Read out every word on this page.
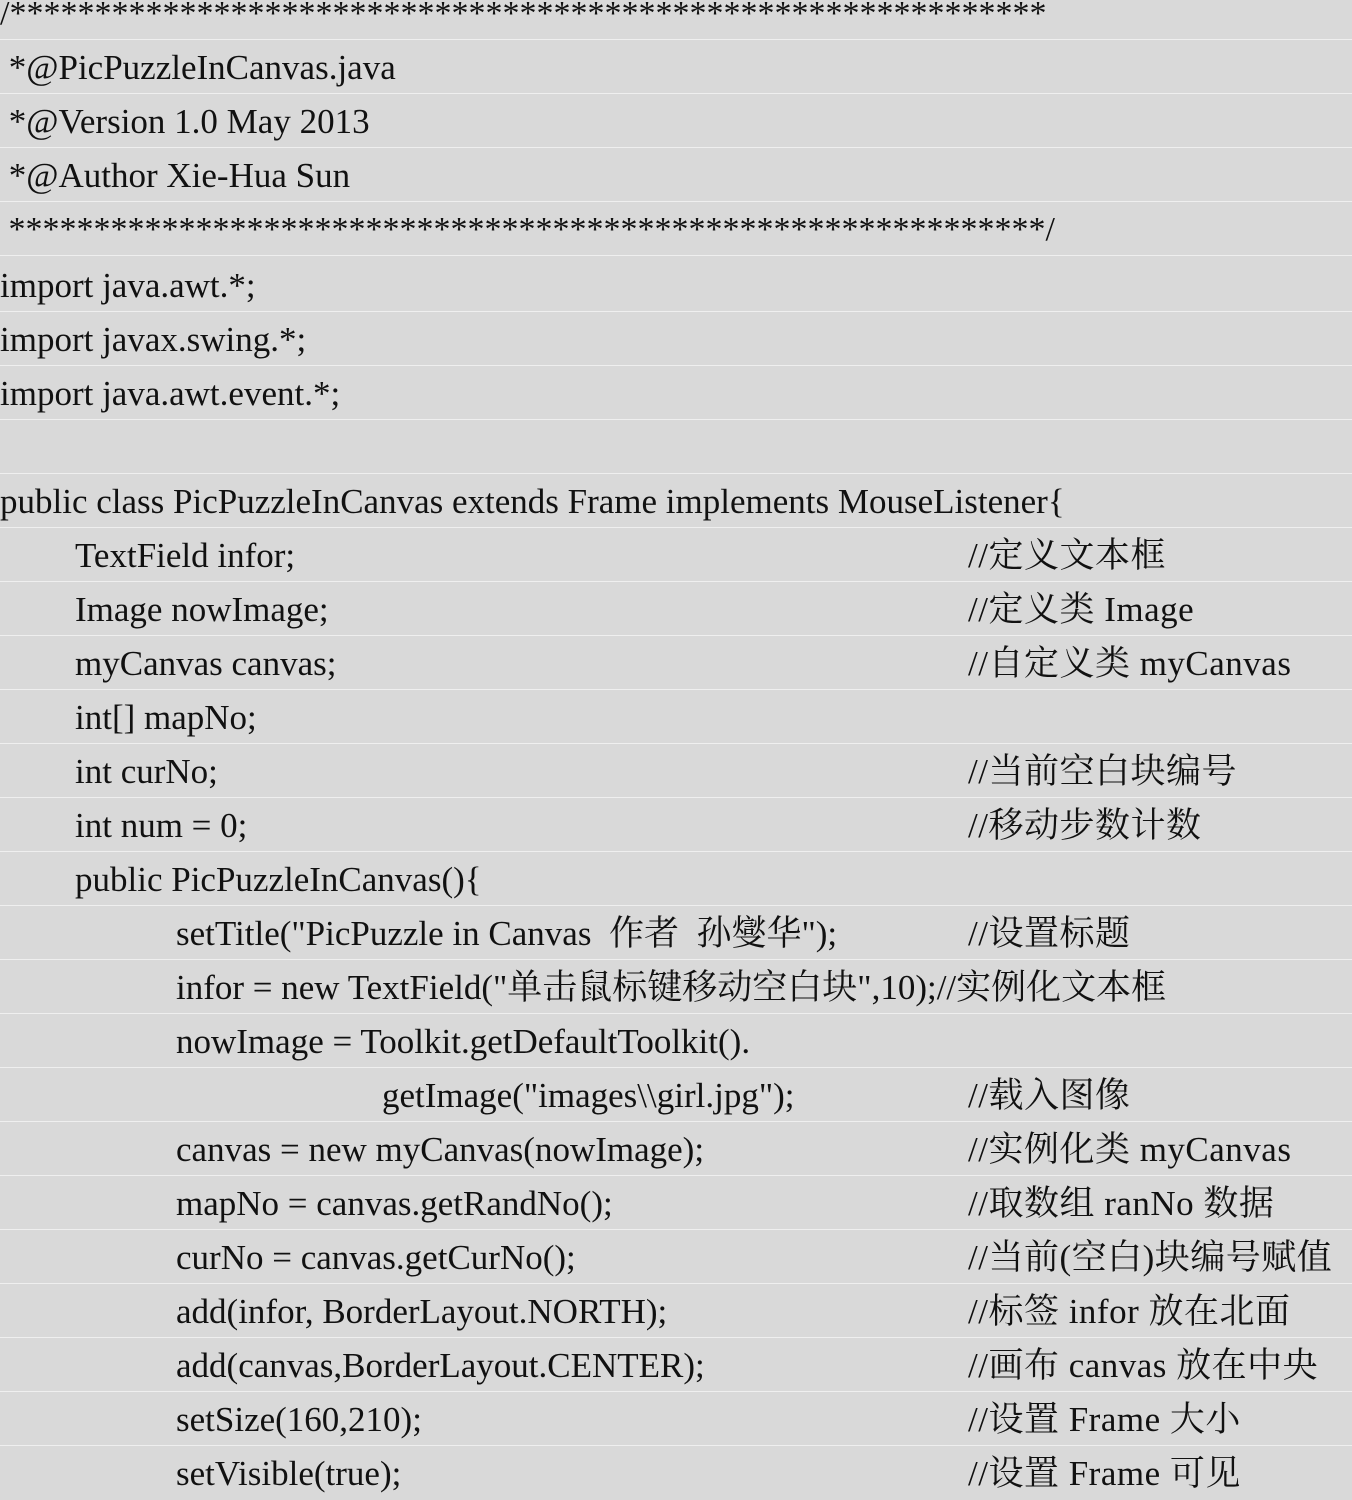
/*************************************************************
*@PicPuzzleInCanvas.java
*@Version 1.0 May 2013
*@Author Xie-Hua Sun
*************************************************************/
import java.awt.*;
import javax.swing.*;
import java.awt.event.*;
public class PicPuzzleInCanvas extends Frame implements MouseListener{
TextField infor;	//定义文本框
Image nowImage;	//定义类 Image
myCanvas canvas;	//自定义类 myCanvas
int[] mapNo;
int curNo;	//当前空白块编号
int num = 0;	//移动步数计数
public PicPuzzleInCanvas(){
setTitle("PicPuzzle in Canvas  作者  孙燮华");	//设置标题
infor = new TextField("单击鼠标键移动空白块",10);//实例化文本框
nowImage = Toolkit.getDefaultToolkit().
getImage("images\\girl.jpg");	//载入图像
canvas = new myCanvas(nowImage);	//实例化类 myCanvas
mapNo = canvas.getRandNo();	//取数组 ranNo 数据
curNo = canvas.getCurNo();	//当前(空白)块编号赋值
add(infor, BorderLayout.NORTH);	//标签 infor 放在北面
add(canvas,BorderLayout.CENTER);	//画布 canvas 放在中央
setSize(160,210);	//设置 Frame 大小
setVisible(true);	//设置 Frame 可见
